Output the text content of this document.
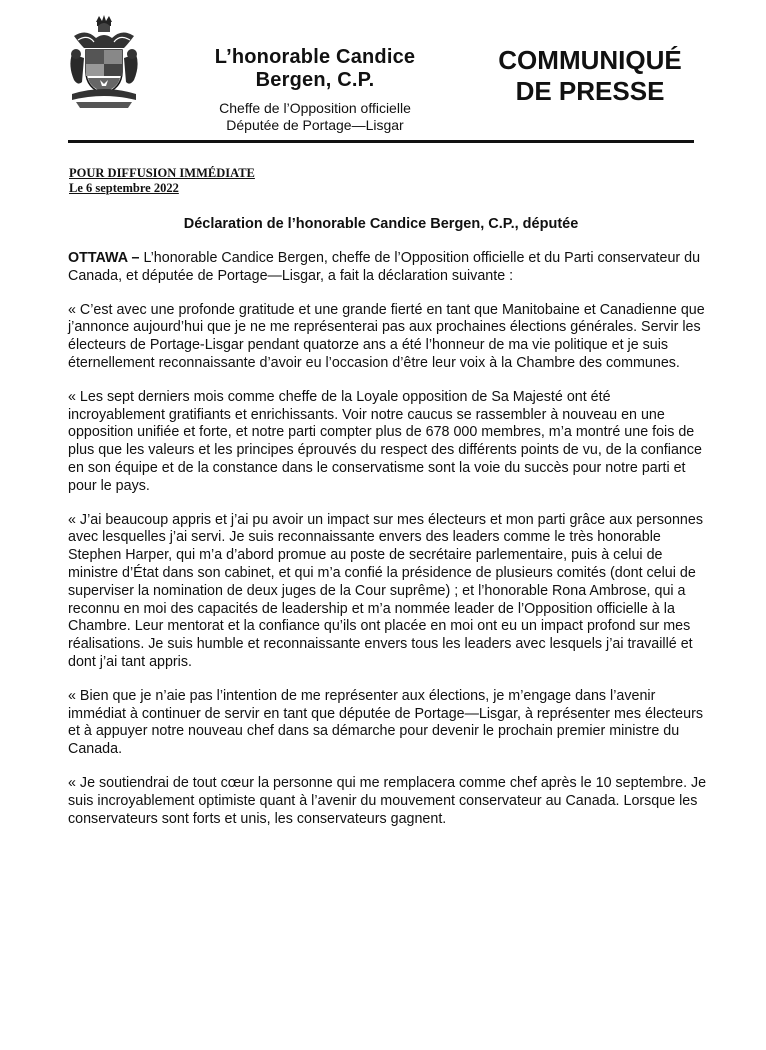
L’honorable Candice
Bergen, C.P.
Cheffe de l’Opposition officielle
Députée de Portage—Lisgar
COMMUNIQUÉ
DE PRESSE
POUR DIFFUSION IMMÉDIATE
Le 6 septembre 2022
Déclaration de l’honorable Candice Bergen, C.P., députée

OTTAWA – L’honorable Candice Bergen, cheffe de l’Opposition officielle et du Parti conservateur du Canada, et députée de Portage—Lisgar, a fait la déclaration suivante :

« C’est avec une profonde gratitude et une grande fierté en tant que Manitobaine et Canadienne que j’annonce aujourd’hui que je ne me représenterai pas aux prochaines élections générales. Servir les électeurs de Portage-Lisgar pendant quatorze ans a été l’honneur de ma vie politique et je suis éternellement reconnaissante d’avoir eu l’occasion d’être leur voix à la Chambre des communes.

« Les sept derniers mois comme cheffe de la Loyale opposition de Sa Majesté ont été incroyablement gratifiants et enrichissants. Voir notre caucus se rassembler à nouveau en une opposition unifiée et forte, et notre parti compter plus de 678 000 membres, m’a montré une fois de plus que les valeurs et les principes éprouvés du respect des différents points de vu, de la confiance en son équipe et de la constance dans le conservatisme sont la voie du succès pour notre parti et pour le pays.

« J’ai beaucoup appris et j’ai pu avoir un impact sur mes électeurs et mon parti grâce aux personnes avec lesquelles j’ai servi. Je suis reconnaissante envers des leaders comme le très honorable Stephen Harper, qui m’a d’abord promue au poste de secrétaire parlementaire, puis à celui de ministre d’État dans son cabinet, et qui m’a confié la présidence de plusieurs comités (dont celui de superviser la nomination de deux juges de la Cour suprême) ; et l’honorable Rona Ambrose, qui a reconnu en moi des capacités de leadership et m’a nommée leader de l’Opposition officielle à la Chambre. Leur mentorat et la confiance qu’ils ont placée en moi ont eu un impact profond sur mes réalisations. Je suis humble et reconnaissante envers tous les leaders avec lesquels j’ai travaillé et dont j’ai tant appris.

« Bien que je n’aie pas l’intention de me représenter aux élections, je m’engage dans l’avenir immédiat à continuer de servir en tant que députée de Portage—Lisgar, à représenter mes électeurs et à appuyer notre nouveau chef dans sa démarche pour devenir le prochain premier ministre du Canada.

« Je soutiendrai de tout cœur la personne qui me remplacera comme chef après le 10 septembre. Je suis incroyablement optimiste quant à l’avenir du mouvement conservateur au Canada. Lorsque les conservateurs sont forts et unis, les conservateurs gagnent.
